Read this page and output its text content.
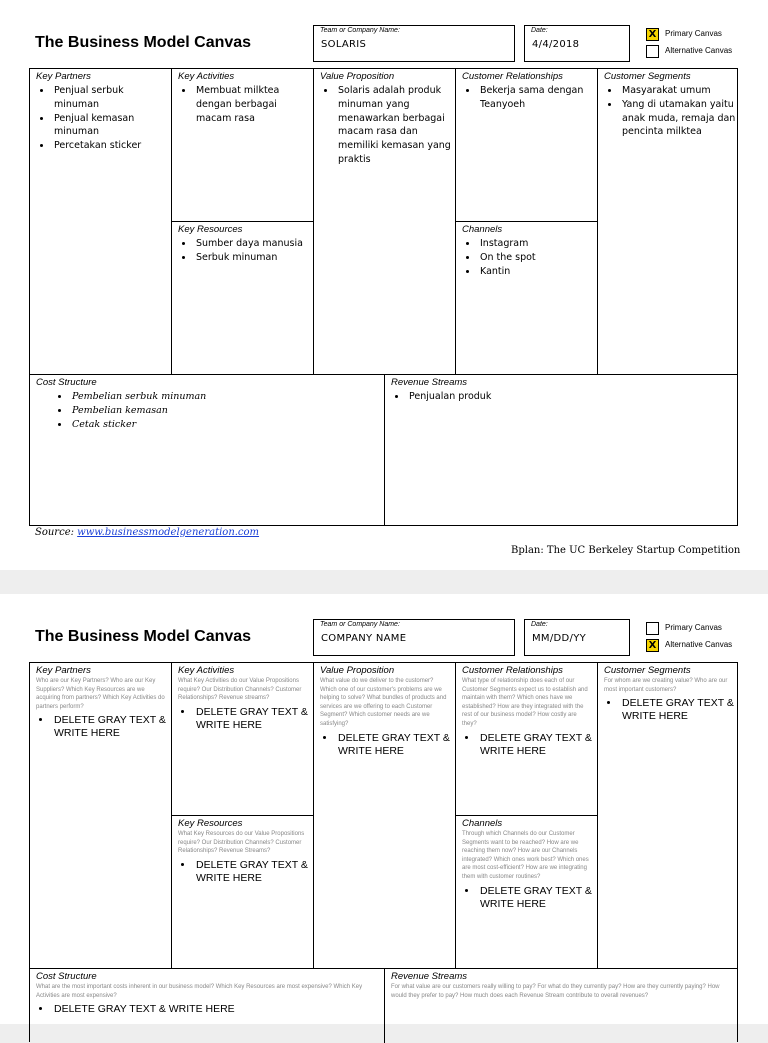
The Business Model Canvas
Team or Company Name:
SOLARIS
Date:
4/4/2018
X	Primary Canvas
Alternative Canvas
Key Partners
• Penjual serbuk minuman
• Penjual kemasan minuman
• Percetakan sticker
Key Activities
• Membuat milktea dengan berbagai macam rasa
Key Resources
• Sumber daya manusia
• Serbuk minuman
Value Proposition
• Solaris adalah produk minuman yang menawarkan berbagai macam rasa dan memiliki kemasan yang praktis
Customer Relationships
• Bekerja sama dengan Teanyoeh
Channels
• Instagram
• On the spot
• Kantin
Customer Segments
• Masyarakat umum
• Yang di utamakan yaitu anak muda, remaja dan pencinta milktea
Cost Structure
• Pembelian serbuk minuman
• Pembelian kemasan
• Cetak sticker
Revenue Streams
• Penjualan produk
Source: www.businessmodelgeneration.com
Bplan: The UC Berkeley Startup Competition
The Business Model Canvas
Team or Company Name:
COMPANY NAME
Date:
MM/DD/YY
Primary Canvas
X	Alternative Canvas
Key Partners
Who are our Key Partners? Who are our Key Suppliers? Which Key Resources are we acquiring from partners? Which Key Activities do partners perform?
• DELETE GRAY TEXT & WRITE HERE
Key Activities
What Key Activities do our Value Propositions require? Our Distribution Channels? Customer Relationships? Revenue streams?
• DELETE GRAY TEXT & WRITE HERE
Key Resources
What Key Resources do our Value Propositions require? Our Distribution Channels? Customer Relationships? Revenue Streams?
• DELETE GRAY TEXT & WRITE HERE
Value Proposition
What value do we deliver to the customer? Which one of our customer's problems are we helping to solve? What bundles of products and services are we offering to each Customer Segment? Which customer needs are we satisfying?
• DELETE GRAY TEXT & WRITE HERE
Customer Relationships
What type of relationship does each of our Customer Segments expect us to establish and maintain with them? Which ones have we established? How are they integrated with the rest of our business model? How costly are they?
• DELETE GRAY TEXT & WRITE HERE
Channels
Through which Channels do our Customer Segments want to be reached? How are we reaching them now? How are our Channels integrated? Which ones work best? Which ones are most cost-efficient? How are we integrating them with customer routines?
• DELETE GRAY TEXT & WRITE HERE
Customer Segments
For whom are we creating value? Who are our most important customers?
• DELETE GRAY TEXT & WRITE HERE
Cost Structure
What are the most important costs inherent in our business model? Which Key Resources are most expensive? Which Key Activities are most expensive?
• DELETE GRAY TEXT & WRITE HERE
Revenue Streams
For what value are our customers really willing to pay? For what do they currently pay? How are they currently paying? How would they prefer to pay? How much does each Revenue Stream contribute to overall revenues?
